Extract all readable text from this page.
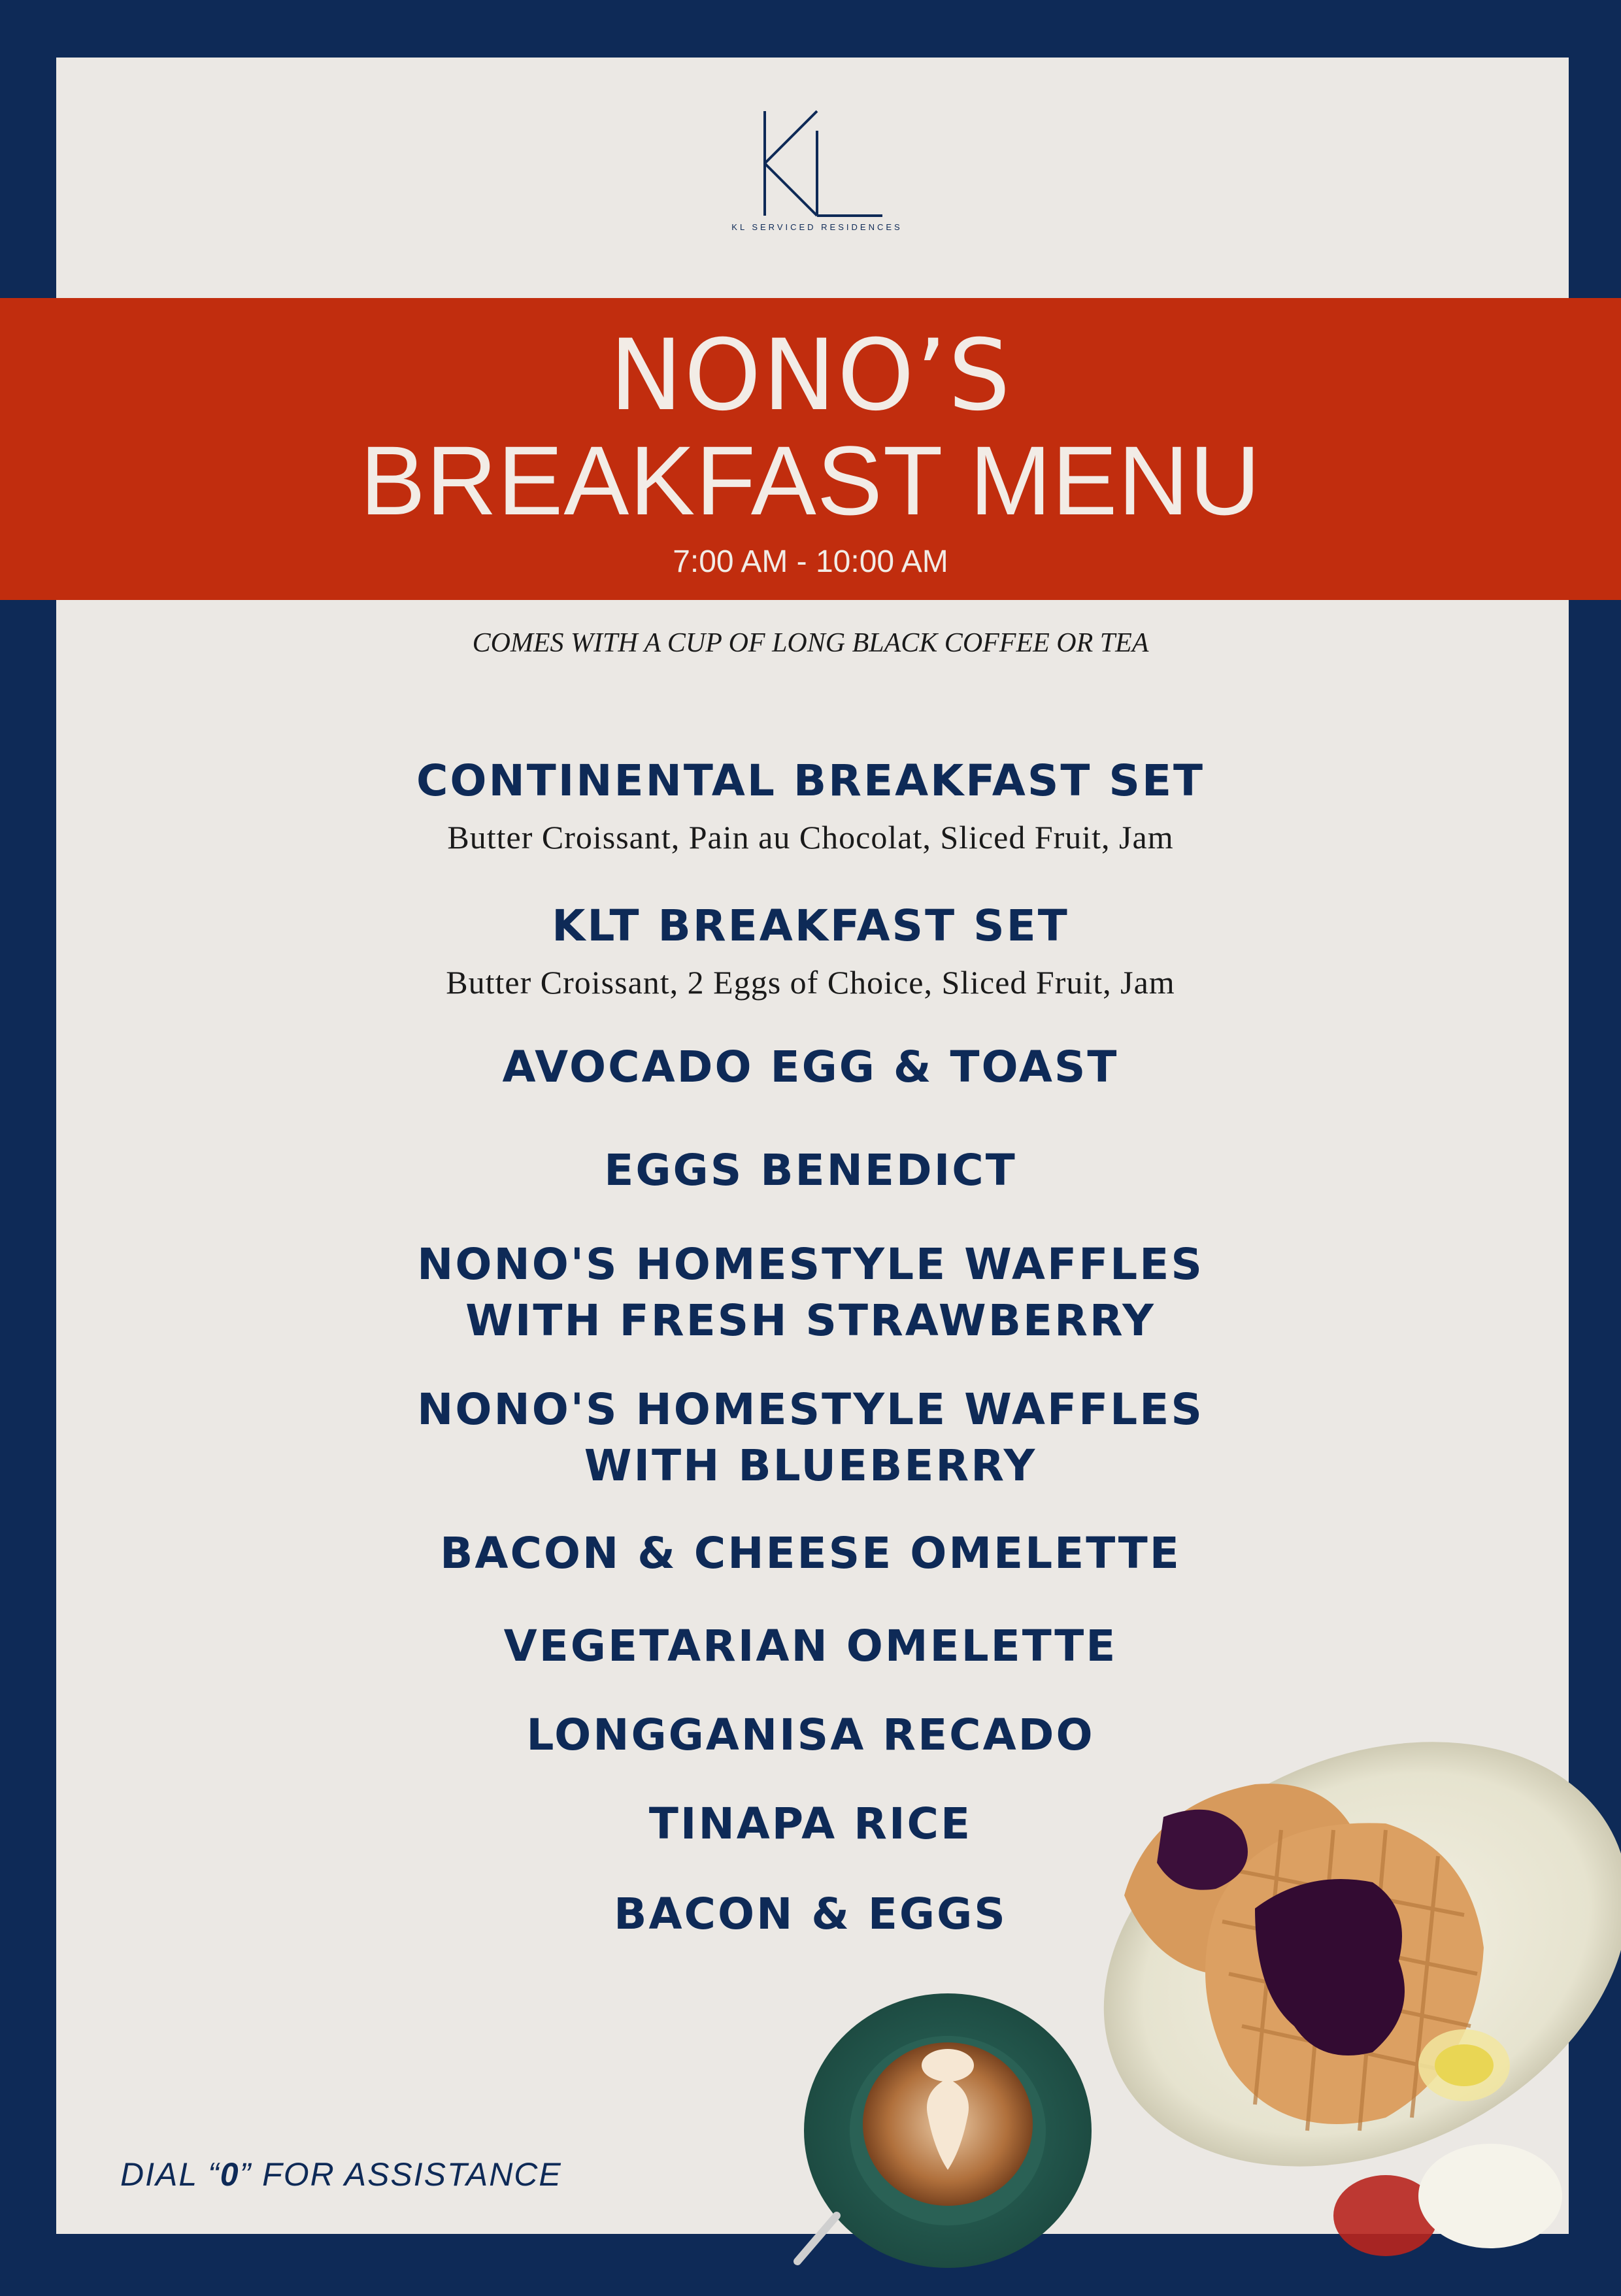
KL SERVICED RESIDENCES
NONO’S
BREAKFAST MENU
7:00 AM - 10:00 AM
COMES WITH A CUP OF LONG BLACK COFFEE OR TEA
CONTINENTAL BREAKFAST SET
Butter Croissant, Pain au Chocolat, Sliced Fruit, Jam
KLT BREAKFAST SET
Butter Croissant, 2 Eggs of Choice, Sliced Fruit, Jam
AVOCADO EGG & TOAST
EGGS BENEDICT
NONO'S HOMESTYLE WAFFLES
WITH FRESH STRAWBERRY
NONO'S HOMESTYLE WAFFLES
WITH BLUEBERRY
BACON & CHEESE OMELETTE
VEGETARIAN OMELETTE
LONGGANISA RECADO
TINAPA RICE
BACON & EGGS
DIAL “0” FOR ASSISTANCE
